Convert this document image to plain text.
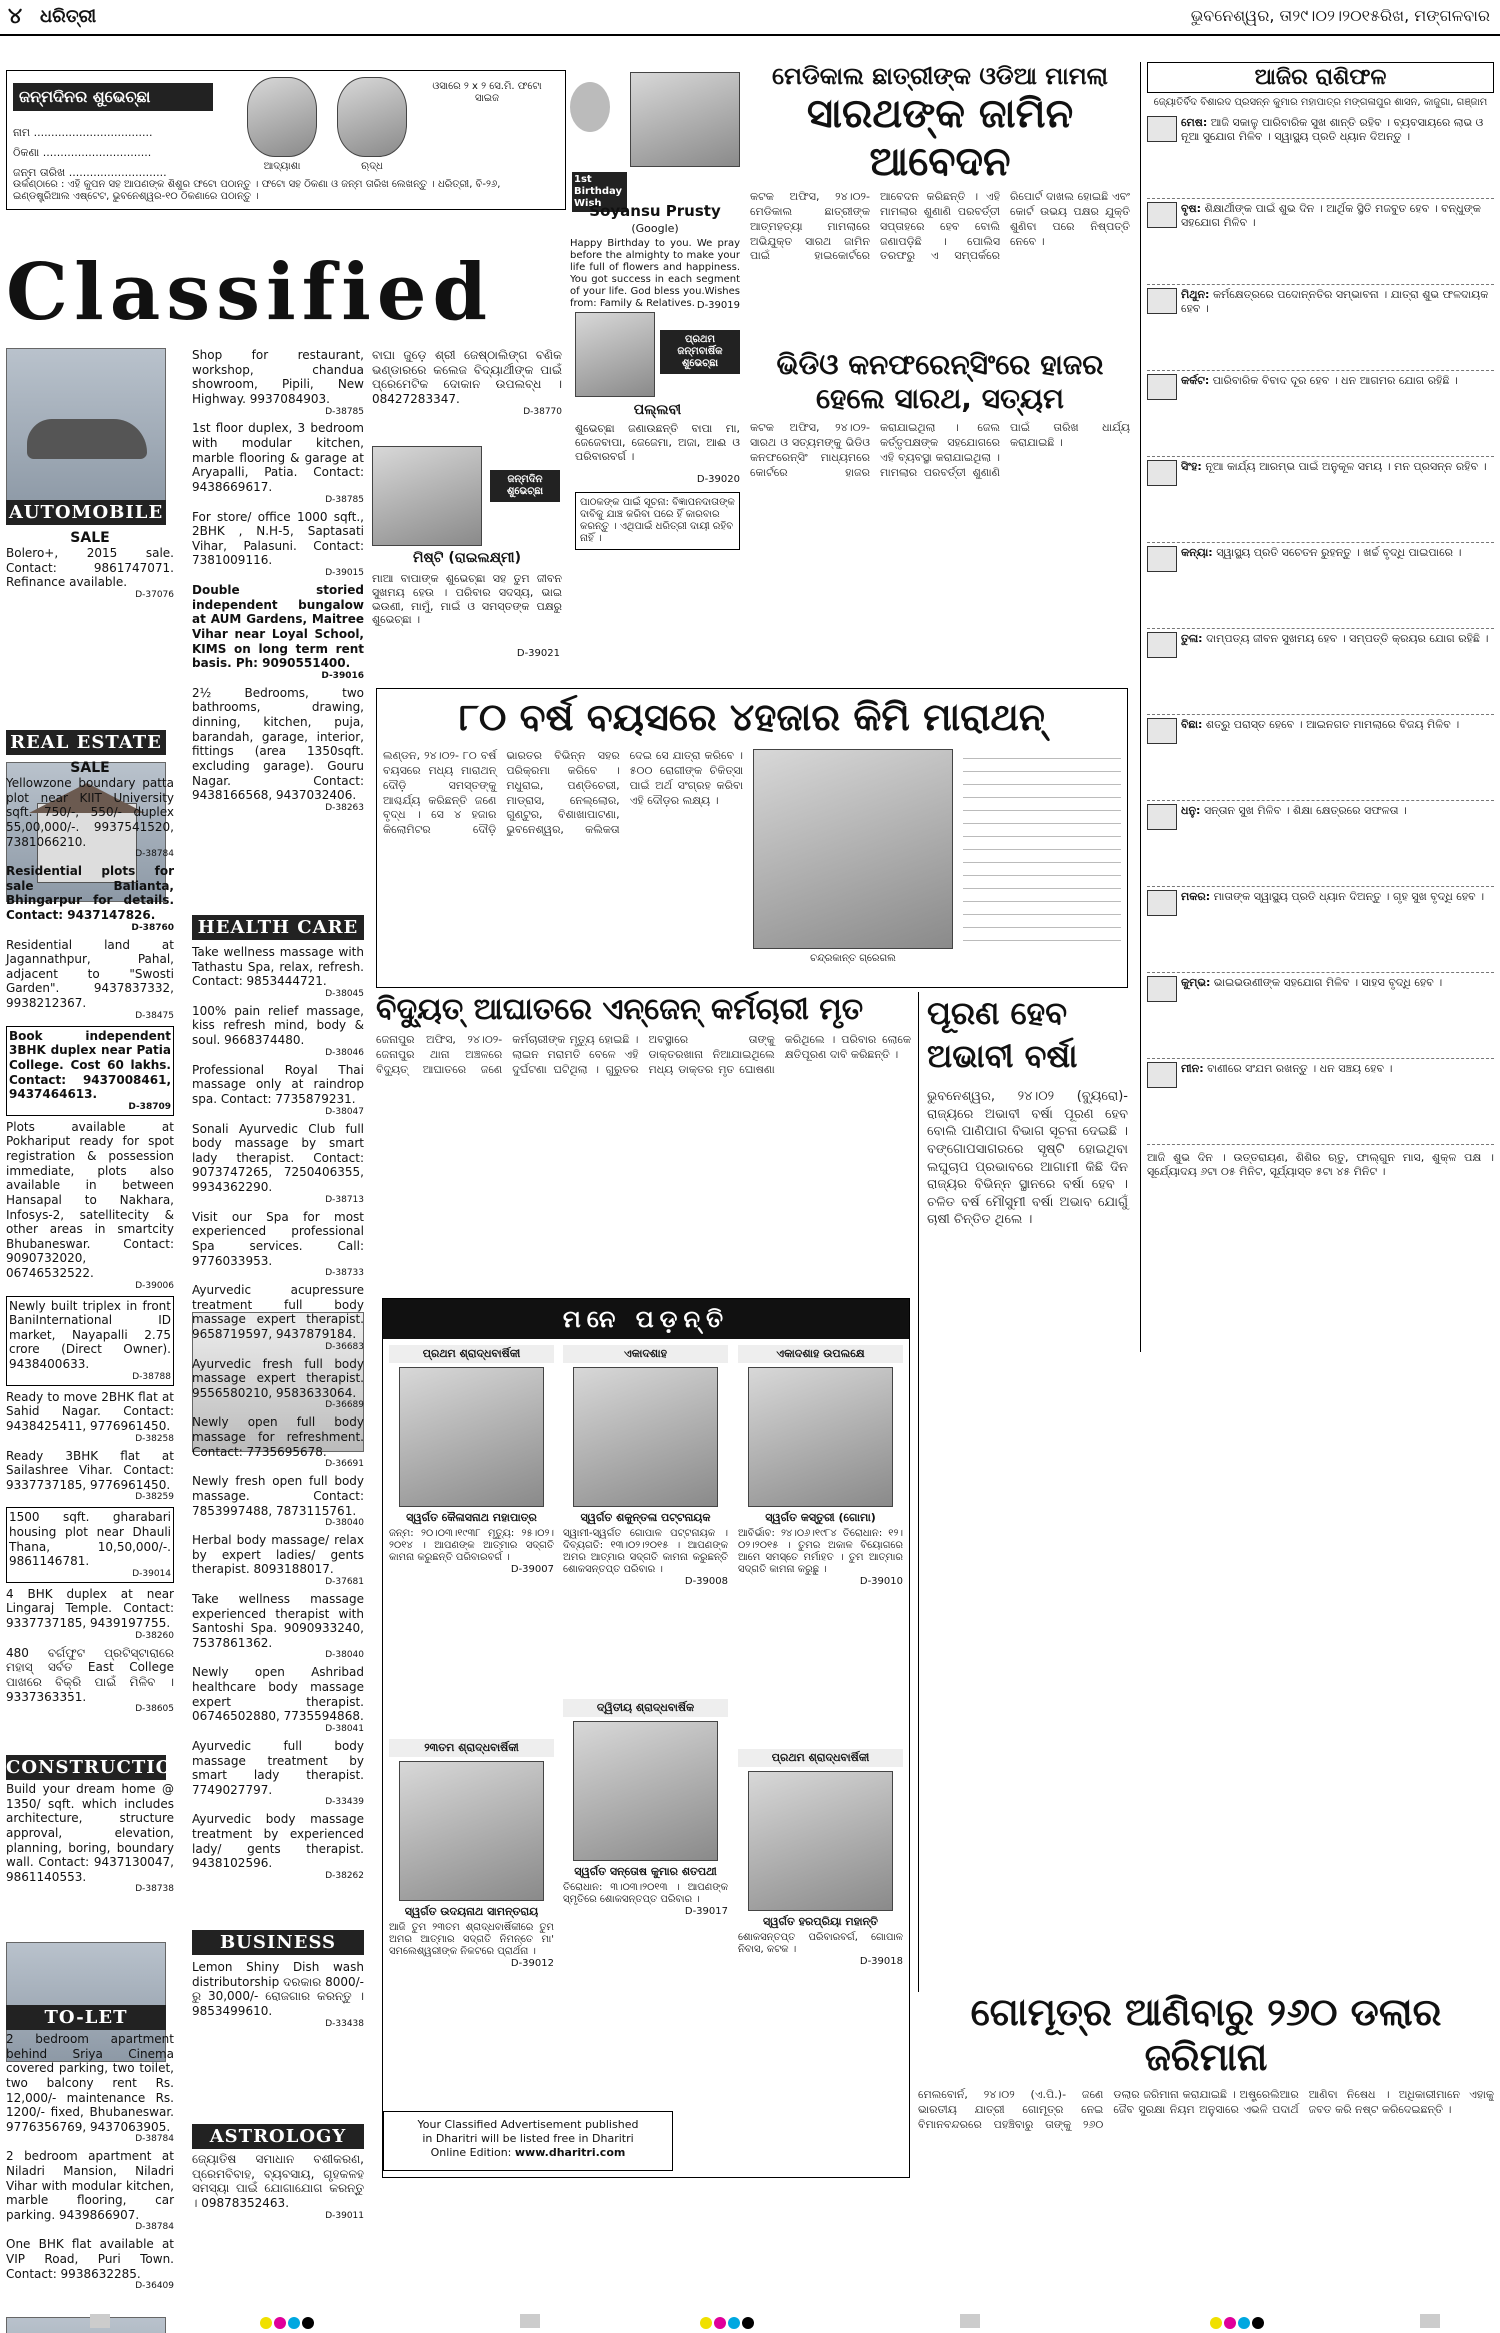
୪ ଧରିତ୍ରୀ	ଭୁବନେଶ୍ୱର, ତା୨୯।୦୨।୨୦୧୫ରିଖ, ମଙ୍ଗଳବାର
ଜନ୍ମଦିନର ଶୁଭେଚ୍ଛା
ନାମ ..................................
ଠିକଣା ...............................
ଜନ୍ମ ତାରିଖ ............................	ଆଦ୍ୟାଶା	ଋଦ୍ଧ
ଓସାରେ ୨ x ୨ ସେ.ମି. ଫଟୋ ସାଇଜ
ଉର୍କଣ୍ଠାରେ : ଏହି କୁପନ ସହ ଆପଣଙ୍କ ଶିଶୁର ଫଟୋ ପଠାନ୍ତୁ । ଫଟୋ ସହ ଠିକଣା ଓ ଜନ୍ମ ତାରିଖ ଲେଖନ୍ତୁ । ଧରିତ୍ରୀ, ବି-୨୬, ଇଣ୍ଡଷ୍ଟ୍ରିଆଲ ଏଷ୍ଟେଟ, ଭୁବନେଶ୍ୱର-୧୦ ଠିକଣାରେ ପଠାନ୍ତୁ ।
1st Birthday Wish
Soyansu Prusty
(Google)
Happy Birthday to you. We pray before the almighty to make your life full of flowers and happiness. You got success in each segment of your life. God bless you.Wishes from: Family & Relatives. D-39019
Classified
AUTOMOBILE
REAL ESTATE
CONSTRUCTION
TO-LET
SALE
Bolero+, 2015 sale. Contact: 9861747071. Refinance available.
D-37076
SALE
Yellowzone boundary patta plot near KIIT University sqft. 750/-, 550/- duplex 55,00,000/-. 9937541520, 7381066210.
D-38784
Residential plots for sale Balianta, Bhingarpur for details. Contact: 9437147826.
D-38760
Residential land at Jagannathpur, Pahal, adjacent to "Swosti Garden". 9437837332, 9938212367.
D-38475
Book independent 3BHK duplex near Patia College. Cost 60 lakhs. Contact: 9437008461, 9437464613.
D-38709
Plots available at Pokhariput ready for spot registration & possession immediate, plots also available in between Hansapal to Nakhara, Infosys-2, satellitecity & other areas in smartcity Bhubaneswar. Contact: 9090732020, 06746532522.
D-39006
Newly built triplex in front BaniInternational ID market, Nayapalli 2.75 crore (Direct Owner). 9438400633.
D-38788
Ready to move 2BHK flat at Sahid Nagar. Contact: 9438425411, 9776961450.
D-38258
Ready 3BHK flat at Sailashree Vihar. Contact: 9337737185, 9776961450.
D-38259
1500 sqft. gharabari housing plot near Dhauli Thana, 10,50,000/-. 9861146781.
D-39014
4 BHK duplex at near Lingaraj Temple. Contact: 9337737185, 9439197755.
D-38260
480 ବର୍ଗଫୁଟ ପ୍ରଟିସ୍ଟାରାରେ ମହାସ୍ ସର୍ବତ East College ପାଖରେ ବିକ୍ରି ପାଇଁ ମିଳିବ । 9337363351.
D-38605
Build your dream home @ 1350/ sqft. which includes architecture, structure approval, elevation, planning, boring, boundary wall. Contact: 9437130047, 9861140553.
D-38738
2 bedroom apartment behind Sriya Cinema covered parking, two toilet, two balcony rent Rs. 12,000/- maintenance Rs. 1200/- fixed, Bhubaneswar. 9776356769, 9437063905.
D-38784
2 bedroom apartment at Niladri Mansion, Niladri Vihar with modular kitchen, marble flooring, car parking. 9439866907.
D-38784
One BHK flat available at VIP Road, Puri Town. Contact: 9938632285.
D-36409
Shop for restaurant, workshop, chandua showroom, Pipili, New Highway. 9937084903.
D-38785
1st floor duplex, 3 bedroom with modular kitchen, marble flooring & garage at Aryapalli, Patia. Contact: 9438669617.
D-38785
For store/ office 1000 sqft., 2BHK , N.H-5, Saptasati Vihar, Palasuni. Contact: 7381009116.
D-39015
Double storied independent bungalow at AUM Gardens, Maitree Vihar near Loyal School, KIMS on long term rent basis. Ph: 9090551400.
D-39016
2½ Bedrooms, two bathrooms, drawing, dinning, kitchen, puja, barandah, garage, interior, fittings (area 1350sqft. excluding garage). Gouru Nagar. Contact: 9438166568, 9437032406.
D-38263
HEALTH CARE
Take wellness massage with Tathastu Spa, relax, refresh. Contact: 9853444721.
D-38045
100% pain relief massage, kiss refresh mind, body & soul. 9668374480.
D-38046
Professional Royal Thai massage only at raindrop spa. Contact: 7735879231.
D-38047
Sonali Ayurvedic Club full body massage by smart lady therapist. Contact: 9073747265, 7250406355, 9934362290.
D-38713
Visit our Spa for most experienced professional Spa services. Call: 9776033953.
D-38733
Ayurvedic acupressure treatment full body massage expert therapist. 9658719597, 9437879184.
D-36683
Ayurvedic fresh full body massage expert therapist. 9556580210, 9583633064.
D-36689
Newly open full body massage for refreshment. Contact: 7735695678.
D-36691
Newly fresh open full body massage. Contact: 7853997488, 7873115761.
D-38040
Herbal body massage/ relax by expert ladies/ gents therapist. 8093188017.
D-37681
Take wellness massage experienced therapist with Santoshi Spa. 9090933240, 7537861362.
D-38040
Newly open Ashribad healthcare body massage expert therapist. 06746502880, 7735594868.
D-38041
Ayurvedic full body massage treatment by smart lady therapist. 7749027797.
D-33439
Ayurvedic body massage treatment by experienced lady/ gents therapist. 9438102596.
D-38262
BUSINESS
Lemon Shiny Dish wash distributorship ଦରକାର 8000/-ରୁ 30,000/- ରୋଜଗାର କରନ୍ତୁ । 9853499610.
D-33438
ASTROLOGY
ଜ୍ୟୋତିଷ ସମାଧାନ ବଶୀକରଣ, ପ୍ରେମବିବାହ, ବ୍ୟବସାୟ, ଗୃହକଳହ ସମସ୍ୟା ପାଇଁ ଯୋଗାଯୋଗ କରନ୍ତୁ । 09878352463.
D-39011
ବାଘା ଜୁଡ଼େ ଶ୍ରୀ ଜେଷ୍ଠାଲିଙ୍ଗ ବଣିକ ଭଣ୍ଡାରରେ କଲେଜ ବିଦ୍ୟାର୍ଥୀଙ୍କ ପାଇଁ ପ୍ରେମେଟିକ ଦୋକାନ ଉପଲବ୍ଧ । 08427283347.
D-38770
ଜନ୍ମଦିନ ଶୁଭେଚ୍ଛା
ମିଷ୍ଟି (ରାଇଲକ୍ଷ୍ମୀ)
ମାଆ ବାପାଙ୍କ ଶୁଭେଚ୍ଛା ସହ ତୁମ ଜୀବନ ସୁଖମୟ ହେଉ । ପରିବାର ସଦସ୍ୟ, ଭାଇ ଭଉଣୀ, ମାମୁଁ, ମାଇଁ ଓ ସମସ୍ତଙ୍କ ପକ୍ଷରୁ ଶୁଭେଚ୍ଛା ।
D-39021
ପ୍ରଥମ ଜନ୍ମବାର୍ଷିକ ଶୁଭେଚ୍ଛା
ପଲ୍ଲବୀ
ଶୁଭେଚ୍ଛା ଜଣାଉଛନ୍ତି ବାପା ମା, ଜେଜେବାପା, ଜେଜେମା, ଅଜା, ଆଈ ଓ ପରିବାରବର୍ଗ ।
D-39020
ପାଠକଙ୍କ ପାଇଁ ସୂଚନା: ବିଜ୍ଞାପନଦାତାଙ୍କ ଦାବିକୁ ଯାଞ୍ଚ କରିବା ପରେ ହିଁ କାରବାର କରନ୍ତୁ । ଏଥିପାଇଁ ଧରିତ୍ରୀ ଦାୟୀ ରହିବ ନାହିଁ ।
ମେଡିକାଲ ଛାତ୍ରୀଙ୍କ ଓଡିଆ ମାମଲା
ସାରଥଙ୍କ ଜାମିନ ଆବେଦନ
କଟକ ଅଫିସ, ୨୪।୦୨- ମେଡିକାଲ ଛାତ୍ରୀଙ୍କ ଆତ୍ମହତ୍ୟା ମାମଲାରେ ଅଭିଯୁକ୍ତ ସାରଥ ଜାମିନ ପାଇଁ ହାଇକୋର୍ଟରେ ଆବେଦନ କରିଛନ୍ତି । ଏହି ମାମଲାର ଶୁଣାଣି ପରବର୍ତ୍ତୀ ସପ୍ତାହରେ ହେବ ବୋଲି ଜଣାପଡ଼ିଛି । ପୋଲିସ ତରଫରୁ ଏ ସମ୍ପର୍କରେ ରିପୋର୍ଟ ଦାଖଲ ହୋଇଛି ଏବଂ କୋର୍ଟ ଉଭୟ ପକ୍ଷର ଯୁକ୍ତି ଶୁଣିବା ପରେ ନିଷ୍ପତ୍ତି ନେବେ ।
ଭିଡିଓ କନଫରେନ୍ସିଂରେ ହାଜର ହେଲେ ସାରଥ, ସତ୍ୟମ
କଟକ ଅଫିସ, ୨୪।୦୨- ସାରଥ ଓ ସତ୍ୟମଙ୍କୁ ଭିଡିଓ କନଫରେନ୍ସିଂ ମାଧ୍ୟମରେ କୋର୍ଟରେ ହାଜର କରାଯାଇଥିଲା । ଜେଲ କର୍ତ୍ତୃପକ୍ଷଙ୍କ ସହଯୋଗରେ ଏହି ବ୍ୟବସ୍ଥା କରାଯାଇଥିଲା । ମାମଲାର ପରବର୍ତ୍ତୀ ଶୁଣାଣି ପାଇଁ ତାରିଖ ଧାର୍ଯ୍ୟ କରାଯାଇଛି ।
ଆଜିର ରାଶିଫଳ
ଜ୍ୟୋତିର୍ବିଦ ବିଶାରଦ ପ୍ରସନ୍ନ କୁମାର ମହାପାତ୍ର ମଙ୍ଗଳାପୁର ଶାସନ, କାଜୁଗା, ଗଞ୍ଜାମ
ମେଷ: ଆଜି ସକାଳୁ ପାରିବାରିକ ସୁଖ ଶାନ୍ତି ରହିବ । ବ୍ୟବସାୟରେ ଲାଭ ଓ ନୂଆ ସୁଯୋଗ ମିଳିବ । ସ୍ୱାସ୍ଥ୍ୟ ପ୍ରତି ଧ୍ୟାନ ଦିଅନ୍ତୁ ।
ବୃଷ: ଶିକ୍ଷାର୍ଥୀଙ୍କ ପାଇଁ ଶୁଭ ଦିନ । ଆର୍ଥିକ ସ୍ଥିତି ମଜବୁତ ହେବ । ବନ୍ଧୁଙ୍କ ସହଯୋଗ ମିଳିବ ।
ମିଥୁନ: କର୍ମକ୍ଷେତ୍ରରେ ପଦୋନ୍ନତିର ସମ୍ଭାବନା । ଯାତ୍ରା ଶୁଭ ଫଳଦାୟକ ହେବ ।
କର୍କଟ: ପାରିବାରିକ ବିବାଦ ଦୂର ହେବ । ଧନ ଆଗମର ଯୋଗ ରହିଛି ।
ସିଂହ: ନୂଆ କାର୍ଯ୍ୟ ଆରମ୍ଭ ପାଇଁ ଅନୁକୂଳ ସମୟ । ମନ ପ୍ରସନ୍ନ ରହିବ ।
କନ୍ୟା: ସ୍ୱାସ୍ଥ୍ୟ ପ୍ରତି ସଚେତନ ରୁହନ୍ତୁ । ଖର୍ଚ୍ଚ ବୃଦ୍ଧି ପାଇପାରେ ।
ତୁଳା: ଦାମ୍ପତ୍ୟ ଜୀବନ ସୁଖମୟ ହେବ । ସମ୍ପତ୍ତି କ୍ରୟର ଯୋଗ ରହିଛି ।
ବିଛା: ଶତ୍ରୁ ପରାସ୍ତ ହେବେ । ଆଇନଗତ ମାମଲାରେ ବିଜୟ ମିଳିବ ।
ଧନୁ: ସନ୍ତାନ ସୁଖ ମିଳିବ । ଶିକ୍ଷା କ୍ଷେତ୍ରରେ ସଫଳତା ।
ମକର: ମାତାଙ୍କ ସ୍ୱାସ୍ଥ୍ୟ ପ୍ରତି ଧ୍ୟାନ ଦିଅନ୍ତୁ । ଗୃହ ସୁଖ ବୃଦ୍ଧି ହେବ ।
କୁମ୍ଭ: ଭାଇଭଉଣୀଙ୍କ ସହଯୋଗ ମିଳିବ । ସାହସ ବୃଦ୍ଧି ହେବ ।
ମୀନ: ବାଣୀରେ ସଂଯମ ରଖନ୍ତୁ । ଧନ ସଞ୍ଚୟ ହେବ ।
ଆଜି ଶୁଭ ଦିନ । ଉତ୍ତରାୟଣ, ଶିଶିର ଋତୁ, ଫାଲ୍ଗୁନ ମାସ, ଶୁକ୍ଳ ପକ୍ଷ । ସୂର୍ଯ୍ୟୋଦୟ ୬ଟା ୦୫ ମିନିଟ, ସୂର୍ଯ୍ୟାସ୍ତ ୫ଟା ୪୫ ମିନିଟ ।
୮୦ ବର୍ଷ ବୟସରେ ୪ହଜାର କିମି ମାରାଥନ୍
ଲଣ୍ଡନ, ୨୪।୦୨- ୮୦ ବର୍ଷ ବୟସରେ ମଧ୍ୟ ମାରାଥନ୍ ଦୌଡ଼ି ସମସ୍ତଙ୍କୁ ଆଶ୍ଚର୍ଯ୍ୟ କରିଛନ୍ତି ଜଣେ ବୃଦ୍ଧ । ସେ ୪ ହଜାର କିଲୋମିଟର ଦୌଡ଼ି ଭାରତର ବିଭିନ୍ନ ସହର ପରିକ୍ରମା କରିବେ । ମଧୁରାଇ, ପଣ୍ଡିଚେରୀ, ମାଡ୍ରାସ, ନେଲ୍ଲୋର, ଗୁଣ୍ଟୁର, ବିଶାଖାପାଟଣା, ଭୁବନେଶ୍ୱର, କଲିକତା ଦେଇ ସେ ଯାତ୍ରା କରିବେ । ୫୦୦ ରୋଗୀଙ୍କ ଚିକିତ୍ସା ପାଇଁ ଅର୍ଥ ସଂଗ୍ରହ କରିବା ଏହି ଦୌଡ଼ର ଲକ୍ଷ୍ୟ ।
ଚନ୍ଦ୍ରକାନ୍ତ ଗ୍ରେଗଲ
ବିଦ୍ୟୁତ୍ ଆଘାତରେ ଏନ୍‌ଜେନ୍ କର୍ମଚାରୀ ମୃତ
ଜେନାପୁର ଅଫିସ, ୨୪।୦୨- ଜେନାପୁର ଥାନା ଅଞ୍ଚଳରେ ବିଦ୍ୟୁତ୍ ଆଘାତରେ ଜଣେ କର୍ମଚାରୀଙ୍କ ମୃତ୍ୟୁ ହୋଇଛି । ଲାଇନ ମରାମତି ବେଳେ ଏହି ଦୁର୍ଘଟଣା ଘଟିଥିଲା । ଗୁରୁତର ଅବସ୍ଥାରେ ତାଙ୍କୁ ଡାକ୍ତରଖାନା ନିଆଯାଇଥିଲେ ମଧ୍ୟ ଡାକ୍ତର ମୃତ ଘୋଷଣା କରିଥିଲେ । ପରିବାର ଲୋକେ କ୍ଷତିପୂରଣ ଦାବି କରିଛନ୍ତି ।
ପୂରଣ ହେବ ଅଭାବୀ ବର୍ଷା
ଭୁବନେଶ୍ୱର, ୨୪।୦୨ (ବ୍ୟୁରୋ)- ରାଜ୍ୟରେ ଅଭାବୀ ବର୍ଷା ପୂରଣ ହେବ ବୋଲି ପାଣିପାଗ ବିଭାଗ ସୂଚନା ଦେଇଛି । ବଙ୍ଗୋପସାଗରରେ ସୃଷ୍ଟି ହୋଇଥିବା ଲଘୁଚାପ ପ୍ରଭାବରେ ଆଗାମୀ କିଛି ଦିନ ରାଜ୍ୟର ବିଭିନ୍ନ ସ୍ଥାନରେ ବର୍ଷା ହେବ । ଚଳିତ ବର୍ଷ ମୌସୁମୀ ବର୍ଷା ଅଭାବ ଯୋଗୁଁ ଚାଷୀ ଚିନ୍ତିତ ଥିଲେ ।
ମନେ ପଡ଼ନ୍ତି
ପ୍ରଥମ ଶ୍ରାଦ୍ଧବାର୍ଷିକୀ
ସ୍ୱର୍ଗତ କୈଳାସନାଥ ମହାପାତ୍ର
ଜନ୍ମ: ୨୦।୦୩।୧୯୩୮ ମୃତ୍ୟୁ: ୨୫।୦୨।୨୦୧୪ । ଆପଣଙ୍କ ଆତ୍ମାର ସଦ୍‌ଗତି କାମନା କରୁଛନ୍ତି ପରିବାରବର୍ଗ ।
D-39007
ଏକାଦଶାହ
ସ୍ୱର୍ଗତ ଶକୁନ୍ତଳା ପଟ୍ଟନାୟକ
ସ୍ୱାମୀ-ସ୍ୱର୍ଗତ ଗୋପାଳ ପଟ୍ଟନାୟକ । ଦିବ୍ୟଗତି: ୧୩।୦୨।୨୦୧୫ । ଆପଣଙ୍କ ଅମର ଆତ୍ମାର ସଦ୍‌ଗତି କାମନା କରୁଛନ୍ତି ଶୋକସନ୍ତପ୍ତ ପରିବାର ।
D-39008
ଏକାଦଶାହ ଉପଲକ୍ଷେ
ସ୍ୱର୍ଗତ କସ୍ତୁରୀ (ଗୋମା)
ଆବିର୍ଭାବ: ୨୪।୦୬।୧୯୮୪ ତିରୋଧାନ: ୧୨।୦୨।୨୦୧୫ । ତୁମର ଅକାଳ ବିୟୋଗରେ ଆମେ ସମସ୍ତେ ମର୍ମାହତ । ତୁମ ଆତ୍ମାର ସଦ୍‌ଗତି କାମନା କରୁଛୁ ।
D-39010
୨୩ତମ ଶ୍ରାଦ୍ଧବାର୍ଷିକୀ
ସ୍ୱର୍ଗତ ଉଦୟନାଥ ସାମନ୍ତରାୟ
ଆଜି ତୁମ ୨୩ତମ ଶ୍ରାଦ୍ଧବାର୍ଷିକୀରେ ତୁମ ଅମର ଆତ୍ମାର ସଦ୍‌ଗତି ନିମନ୍ତେ ମା' ସମଲେଶ୍ୱରୀଙ୍କ ନିକଟରେ ପ୍ରାର୍ଥନା ।
D-39012
ଦ୍ୱିତୀୟ ଶ୍ରାଦ୍ଧବାର୍ଷିକ
ସ୍ୱର୍ଗତ ସନ୍ତୋଷ କୁମାର ଶତପଥୀ
ତିରୋଧାନ: ୩।୦୩।୨୦୧୩ । ଆପଣଙ୍କ ସ୍ମୃତିରେ ଶୋକସନ୍ତପ୍ତ ପରିବାର ।
D-39017
ପ୍ରଥମ ଶ୍ରାଦ୍ଧବାର୍ଷିକୀ
ସ୍ୱର୍ଗତ ହରପ୍ରିୟା ମହାନ୍ତି
ଶୋକସନ୍ତପ୍ତ ପରିବାରବର୍ଗ, ଗୋପାଳ ନିବାସ, କଟକ ।
D-39018
Your Classified Advertisement published
in Dharitri will be listed free in Dharitri
Online Edition: www.dharitri.com
ଗୋମୂତ୍ର ଆଣିବାରୁ ୨୬୦ ଡଲାର ଜରିମାନା
ମେଲବୋର୍ନ, ୨୪।୦୨ (ଏ.ପି.)- ଜଣେ ଭାରତୀୟ ଯାତ୍ରୀ ଗୋମୂତ୍ର ନେଇ ବିମାନବନ୍ଦରରେ ପହଞ୍ଚିବାରୁ ତାଙ୍କୁ ୨୬୦ ଡଲାର ଜରିମାନା କରାଯାଇଛି । ଅଷ୍ଟ୍ରେଲିଆର ଜୈବ ସୁରକ୍ଷା ନିୟମ ଅନୁସାରେ ଏଭଳି ପଦାର୍ଥ ଆଣିବା ନିଷେଧ । ଅଧିକାରୀମାନେ ଏହାକୁ ଜବତ କରି ନଷ୍ଟ କରିଦେଇଛନ୍ତି ।
